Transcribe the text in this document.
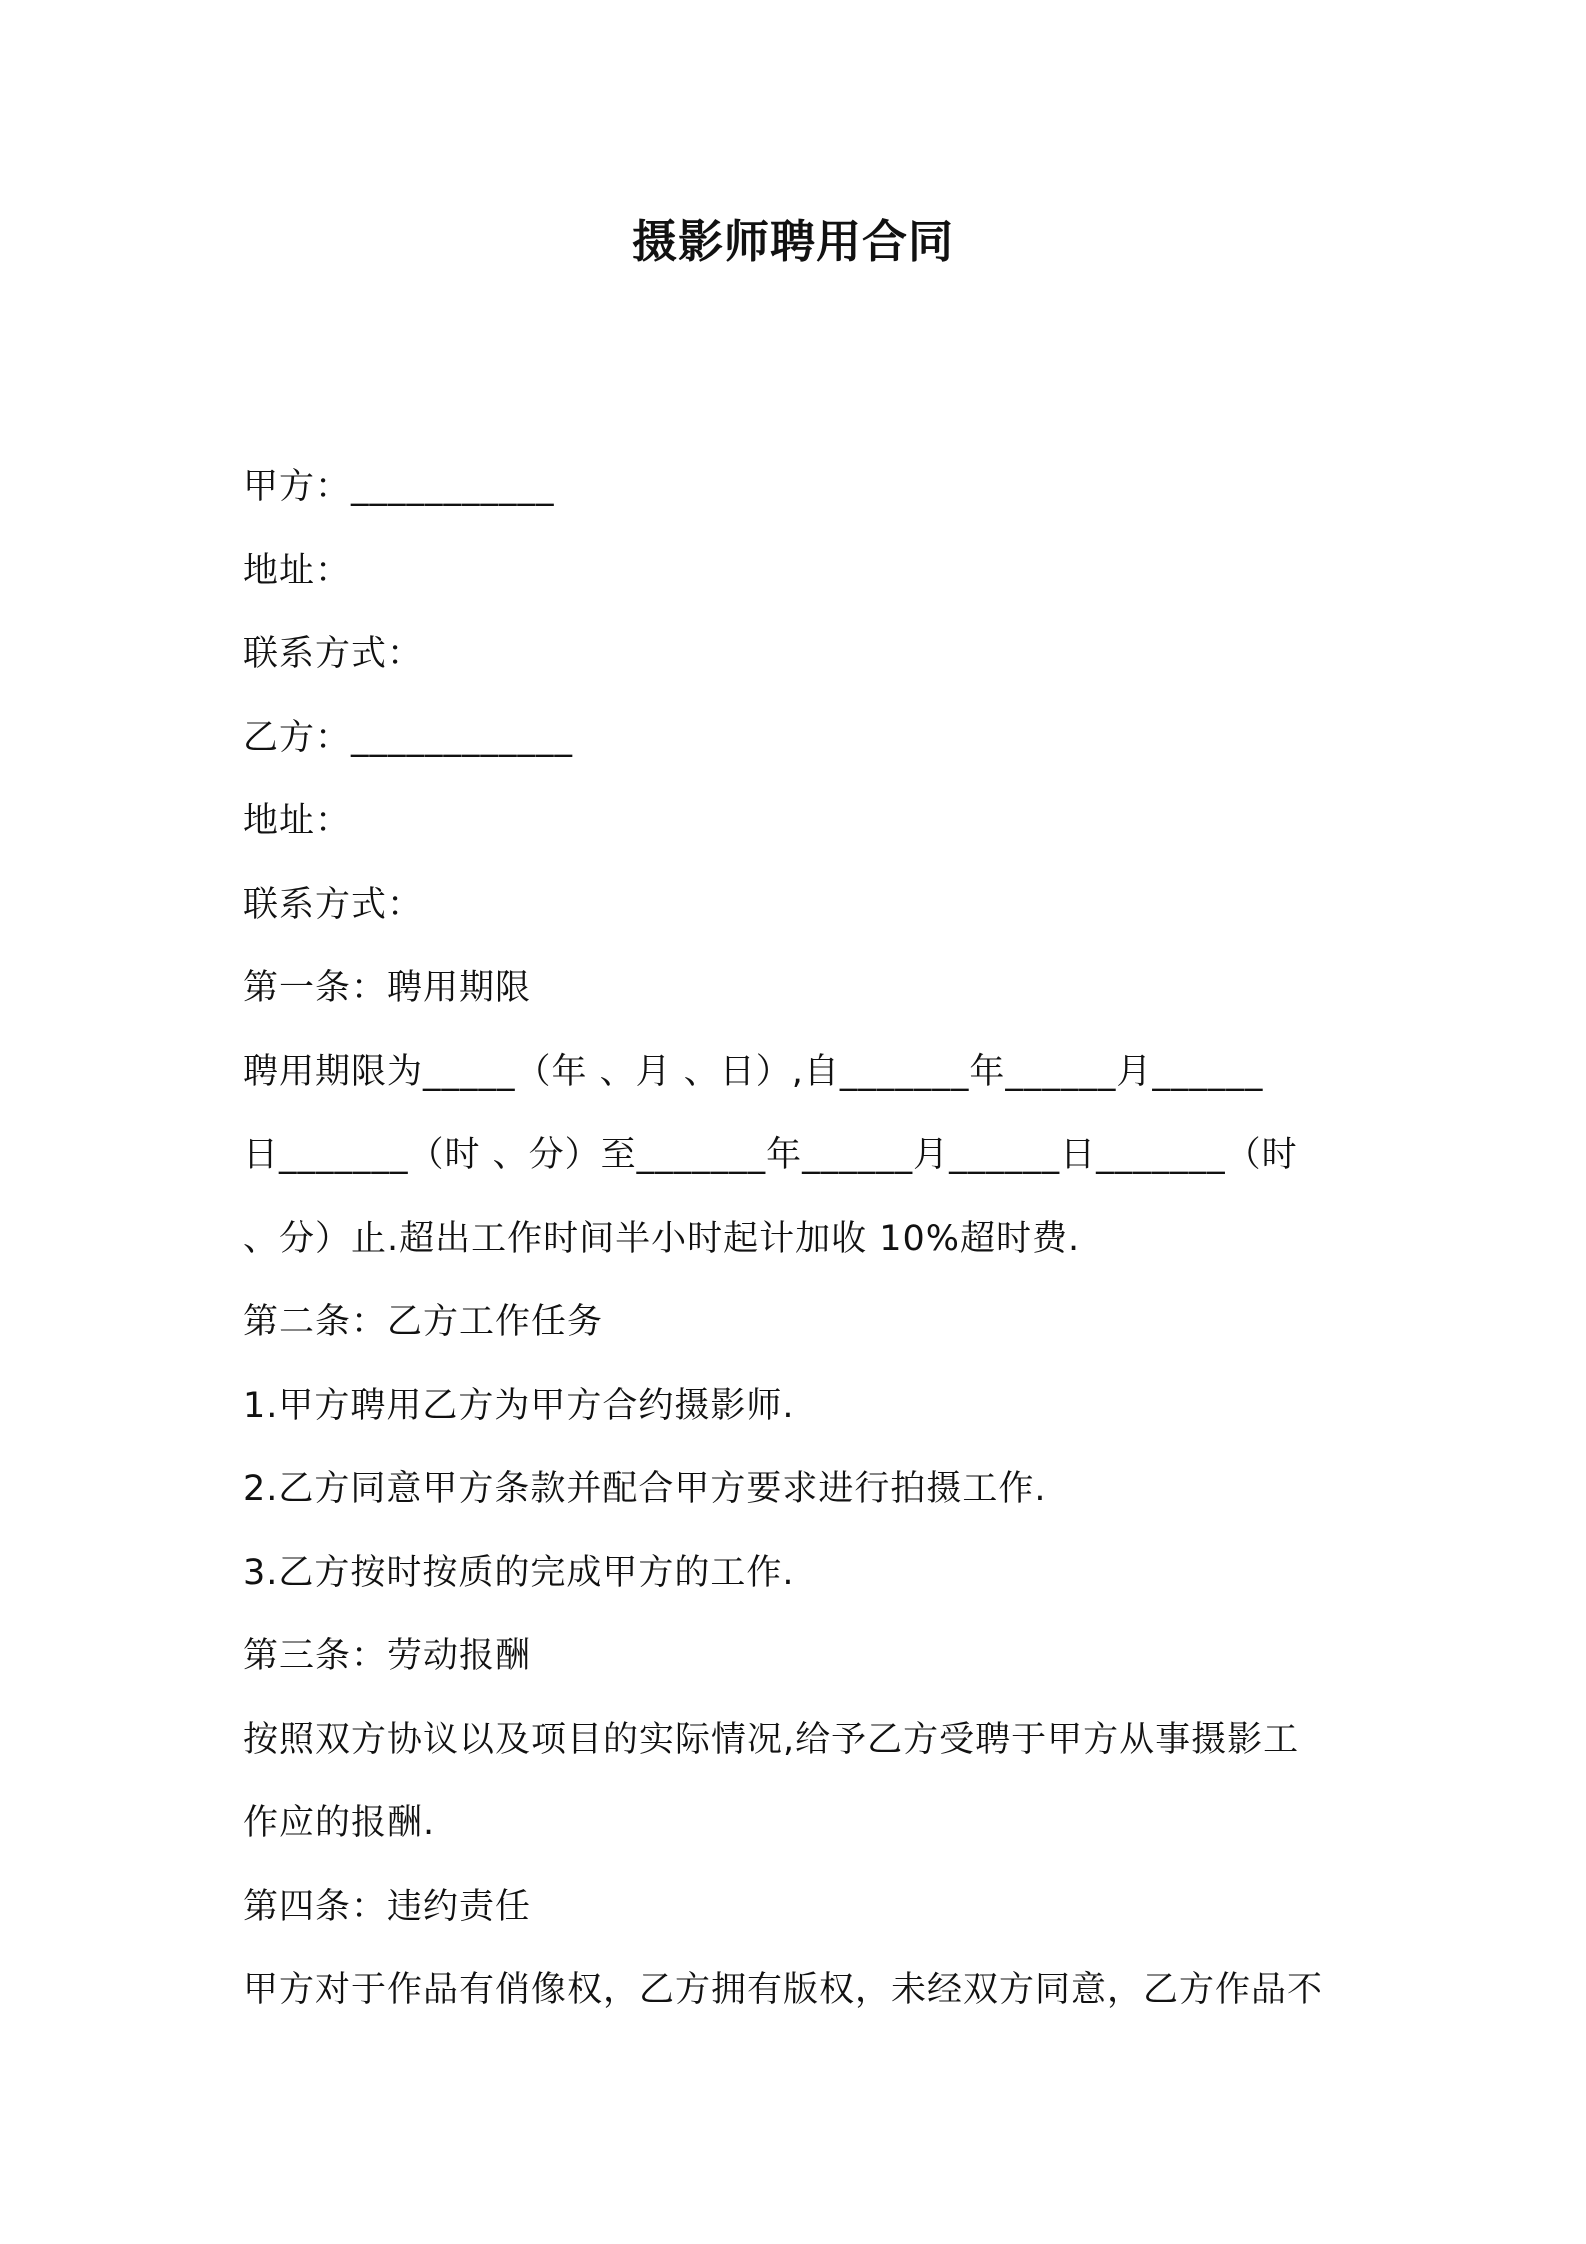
摄影师聘用合同
甲方：___________
地址：
联系方式：
乙方：____________
地址：
联系方式：
第一条：聘用期限
聘用期限为_____（年 、月 、日）,自_______年______月______
日_______（时 、分）至_______年______月______日_______（时
、分）止.超出工作时间半小时起计加收 10%超时费.
第二条：乙方工作任务
1.甲方聘用乙方为甲方合约摄影师.
2.乙方同意甲方条款并配合甲方要求进行拍摄工作.
3.乙方按时按质的完成甲方的工作.
第三条：劳动报酬
按照双方协议以及项目的实际情况,给予乙方受聘于甲方从事摄影工
作应的报酬.
第四条：违约责任
甲方对于作品有俏像权，乙方拥有版权，未经双方同意，乙方作品不
